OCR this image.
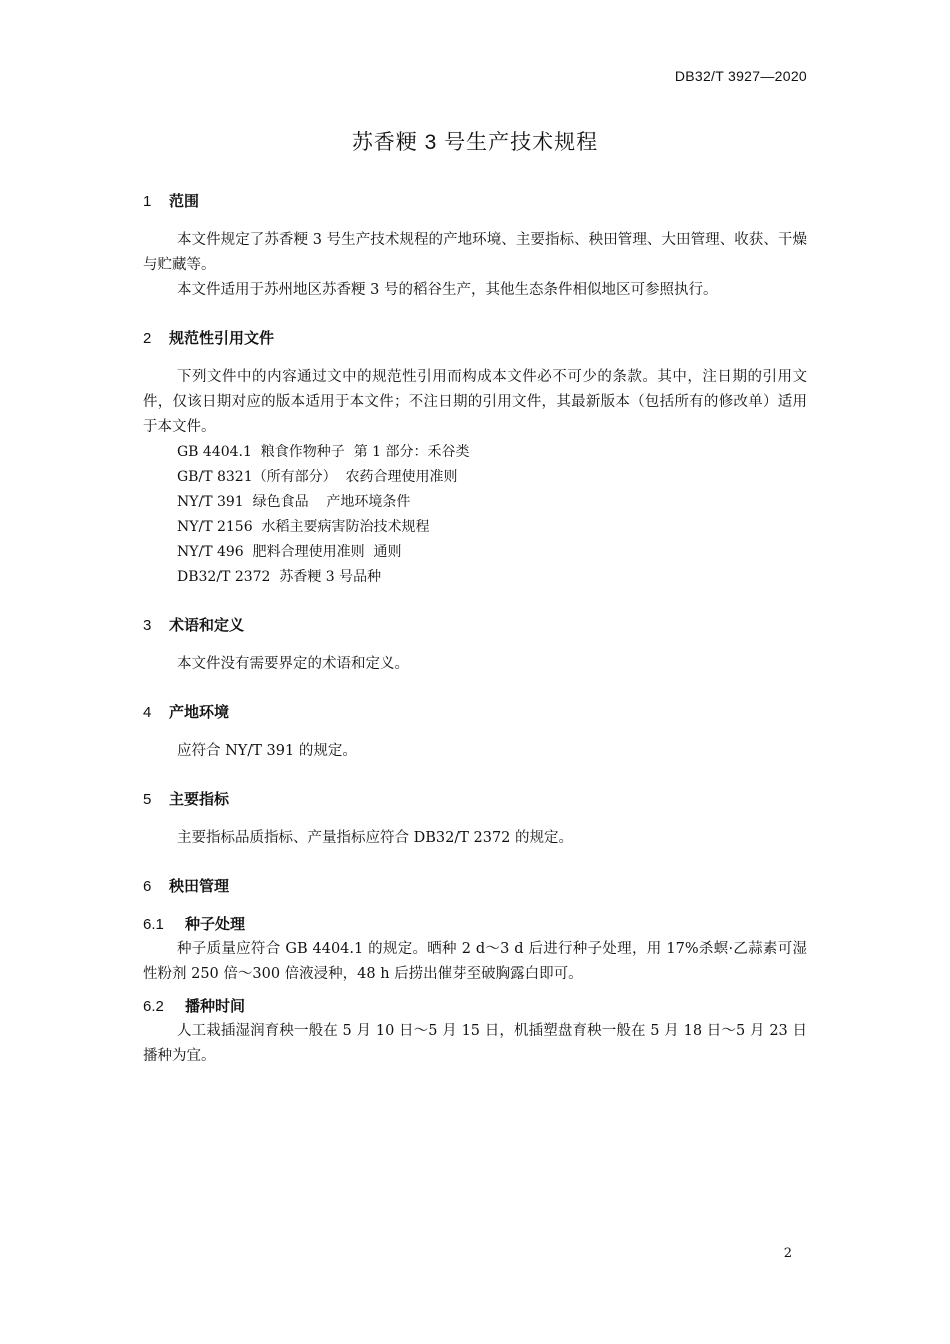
DB32/T 3927—2020
苏香粳 3 号生产技术规程
1 范围

本文件规定了苏香粳 3 号生产技术规程的产地环境、主要指标、秧田管理、大田管理、收获、干燥与贮藏等。

本文件适用于苏州地区苏香粳 3 号的稻谷生产，其他生态条件相似地区可参照执行。

2 规范性引用文件

下列文件中的内容通过文中的规范性引用而构成本文件必不可少的条款。其中，注日期的引用文件，仅该日期对应的版本适用于本文件；不注日期的引用文件，其最新版本（包括所有的修改单）适用于本文件。

GB 4404.1  粮食作物种子  第 1 部分：禾谷类
GB/T 8321（所有部分）  农药合理使用准则
NY/T 391  绿色食品    产地环境条件
NY/T 2156  水稻主要病害防治技术规程
NY/T 496  肥料合理使用准则  通则
DB32/T 2372  苏香粳 3 号品种
3 术语和定义

本文件没有需要界定的术语和定义。

4 产地环境

应符合 NY/T 391 的规定。

5 主要指标

主要指标品质指标、产量指标应符合 DB32/T 2372 的规定。

6 秧田管理
6.1 种子处理

种子质量应符合 GB 4404.1 的规定。晒种 2 d～3 d 后进行种子处理，用 17%杀螟·乙蒜素可湿性粉剂 250 倍～300 倍液浸种，48 h 后捞出催芽至破胸露白即可。

6.2 播种时间

人工栽插湿润育秧一般在 5 月 10 日～5 月 15 日，机插塑盘育秧一般在 5 月 18 日～5 月 23 日播种为宜。

2
